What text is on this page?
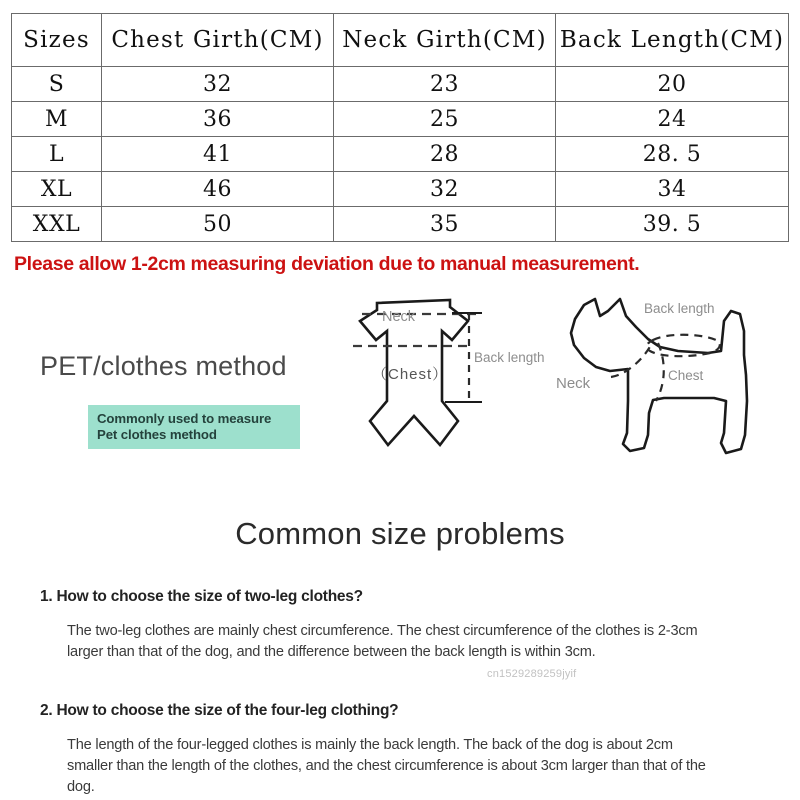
Sizes	Chest Girth(CM)	Neck Girth(CM)	Back Length(CM)
S	32	23	20
M	36	25	24
L	41	28	28. 5
XL	46	32	34
XXL	50	35	39. 5
Please allow 1-2cm measuring deviation due to manual measurement.
PET/clothes method
Commonly used to measure
Pet clothes method
Neck
（Chest）
Back length
Back length
Neck	Chest
Common size problems
1. How to choose the size of two-leg clothes?
The two-leg clothes are mainly chest circumference. The chest circumference of the clothes is 2-3cm larger than that of the dog, and the difference between the back length is within 3cm.
2. How to choose the size of the four-leg clothing?
The length of the four-legged clothes is mainly the back length. The back of the dog is about 2cm smaller than the length of the clothes, and the chest circumference is about 3cm larger than that of the dog.
cn1529289259jyif
